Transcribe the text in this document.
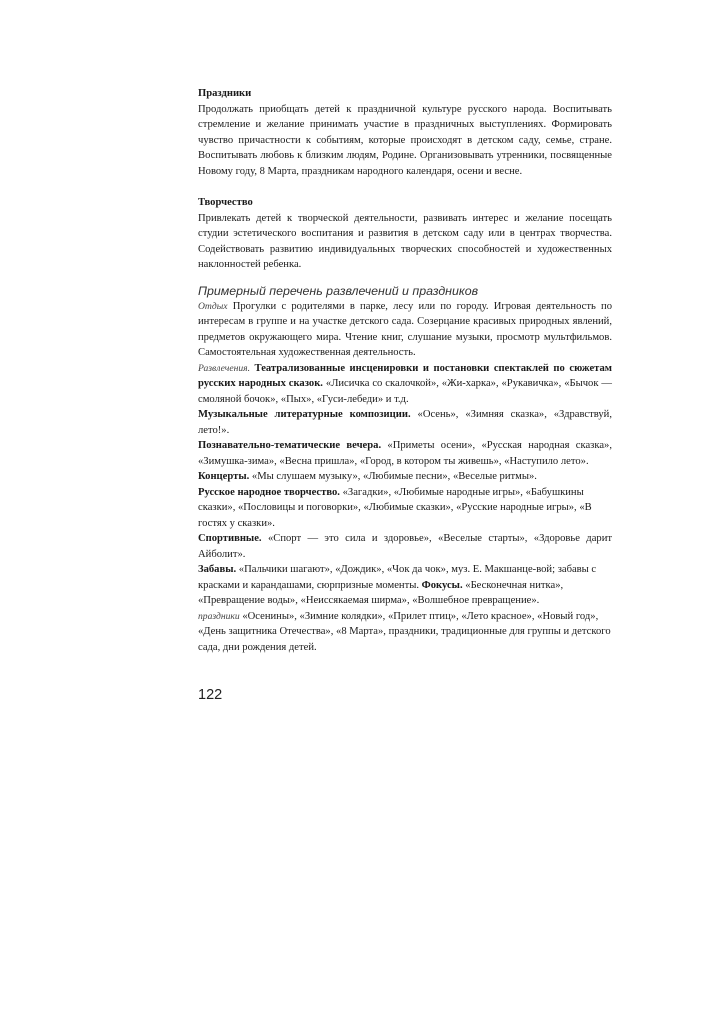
Праздники

Продолжать приобщать детей к праздничной культуре русского народа. Воспитывать стремление и желание принимать участие в праздничных выступлениях. Формировать чувство причастности к событиям, которые происходят в детском саду, семье, стране. Воспитывать любовь к близким людям, Родине. Организовывать утренники, посвященные Новому году, 8 Марта, праздникам народного календаря, осени и весне.

Творчество

Привлекать детей к творческой деятельности, развивать интерес и желание посещать студии эстетического воспитания и развития в детском саду или в центрах творчества. Содействовать развитию индивидуальных творческих способностей и художественных наклонностей ребенка.

Примерный перечень развлечений и праздников

Отдых Прогулки с родителями в парке, лесу или по городу. Игровая деятельность по интересам в группе и на участке детского сада. Созерцание красивых природных явлений, предметов окружающего мира. Чтение книг, слушание музыки, просмотр мультфильмов. Самостоятельная художественная деятельность.

Развлечения. Театрализованные инсценировки и постановки спектаклей по сюжетам русских народных сказок. «Лисичка со скалочкой», «Жи-харка», «Рукавичка», «Бычок —смоляной бочок», «Пых», «Гуси-лебеди» и т.д.

Музыкальные литературные композиции. «Осень», «Зимняя сказка», «Здравствуй, лето!».

Познавательно-тематические вечера. «Приметы осени», «Русская народная сказка», «Зимушка-зима», «Весна пришла», «Город, в котором ты живешь», «Наступило лето».

Концерты. «Мы слушаем музыку», «Любимые песни», «Веселые ритмы».

Русское народное творчество. «Загадки», «Любимые народные игры», «Бабушкины сказки», «Пословицы и поговорки», «Любимые сказки», «Русские народные игры», «В гостях у сказки».

Спортивные. «Спорт — это сила и здоровье», «Веселые старты», «Здоровье дарит Айболит».

Забавы. «Пальчики шагают», «Дождик», «Чок да чок», муз. Е. Макшанце-вой; забавы с красками и карандашами, сюрпризные моменты. Фокусы. «Бесконечная нитка», «Превращение воды», «Неиссякаемая ширма», «Волшебное превращение».

праздники «Осенины», «Зимние колядки», «Прилет птиц», «Лето красное», «Новый год», «День защитника Отечества», «8 Марта», праздники, традиционные для группы и детского сада, дни рождения детей.

122
